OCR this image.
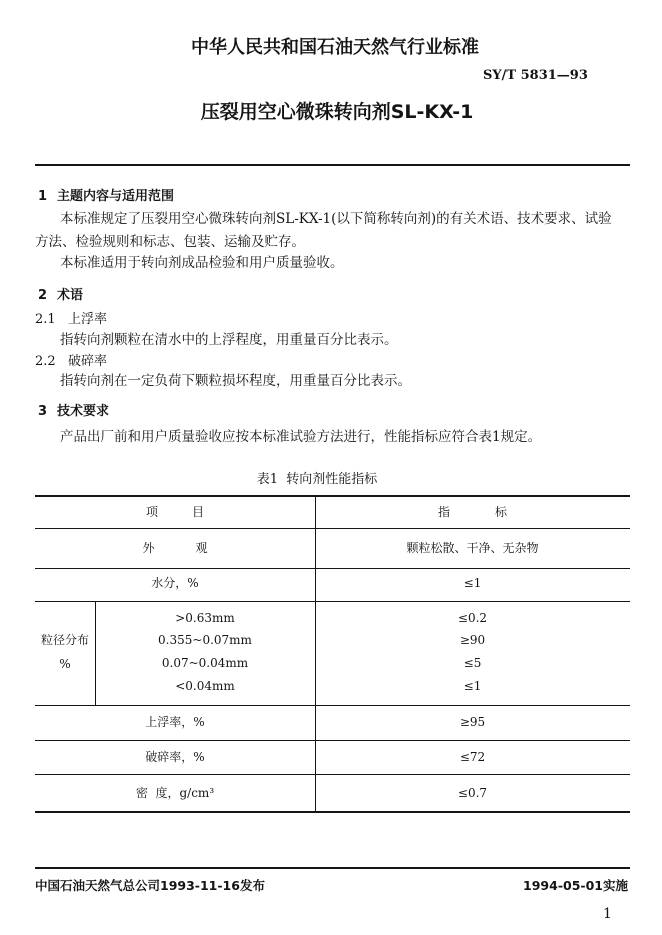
中华人民共和国石油天然气行业标准
SY/T 5831—93
压裂用空心微珠转向剂SL-KX-1
1 主题内容与适用范围
本标准规定了压裂用空心微珠转向剂SL-KX-1(以下简称转向剂)的有关术语、技术要求、试验
方法、检验规则和标志、包装、运输及贮存。
本标准适用于转向剂成品检验和用户质量验收。
2 术语
2.1 上浮率
指转向剂颗粒在清水中的上浮程度，用重量百分比表示。
2.2 破碎率
指转向剂在一定负荷下颗粒损坏程度，用重量百分比表示。
3 技术要求
产品出厂前和用户质量验收应按本标准试验方法进行，性能指标应符合表1规定。
表1  转向剂性能指标
项目	指标
外观	颗粒松散、干净、无杂物
水分，%	≤1
粒径分布
%
>0.63mm	≤0.2
0.355~0.07mm	≥90
0.07~0.04mm	≤5
<0.04mm	≤1
上浮率，%	≥95
破碎率，%	≤72
密  度，g/cm³	≤0.7
中国石油天然气总公司1993-11-16发布	1994-05-01实施
1
